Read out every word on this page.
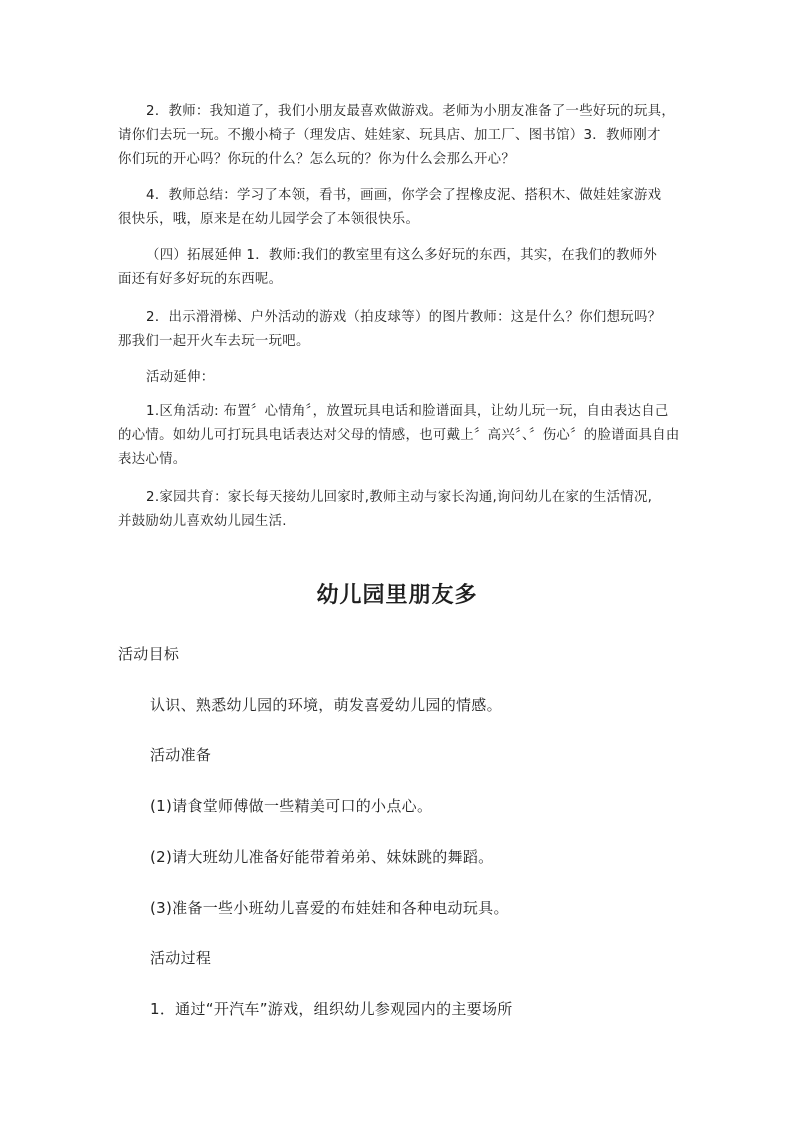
2．教师：我知道了，我们小朋友最喜欢做游戏。老师为小朋友准备了一些好玩的玩具，
请你们去玩一玩。不搬小椅子（理发店、娃娃家、玩具店、加工厂、图书馆）3．教师刚才
你们玩的开心吗？你玩的什么？怎么玩的？你为什么会那么开心？

4．教师总结：学习了本领，看书，画画，你学会了捏橡皮泥、搭积木、做娃娃家游戏
很快乐，哦，原来是在幼儿园学会了本领很快乐。

（四）拓展延伸 1．教师:我们的教室里有这么多好玩的东西，其实，在我们的教师外
面还有好多好玩的东西呢。

2．出示滑滑梯、户外活动的游戏（拍皮球等）的图片教师：这是什么？你们想玩吗？
那我们一起开火车去玩一玩吧。

活动延伸：

1.区角活动: 布置〞心情角〞，放置玩具电话和脸谱面具，让幼儿玩一玩，自由表达自己
的心情。如幼儿可打玩具电话表达对父母的情感，也可戴上〞高兴〞、〞伤心〞的脸谱面具自由
表达心情。

2.家园共育：家长每天接幼儿回家时,教师主动与家长沟通,询问幼儿在家的生活情况,
并鼓励幼儿喜欢幼儿园生活.

幼儿园里朋友多

活动目标

认识、熟悉幼儿园的环境，萌发喜爱幼儿园的情感。

活动准备

(1)请食堂师傅做一些精美可口的小点心。

(2)请大班幼儿准备好能带着弟弟、妹妹跳的舞蹈。

(3)准备一些小班幼儿喜爱的布娃娃和各种电动玩具。

活动过程

1．通过“开汽车”游戏，组织幼儿参观园内的主要场所
